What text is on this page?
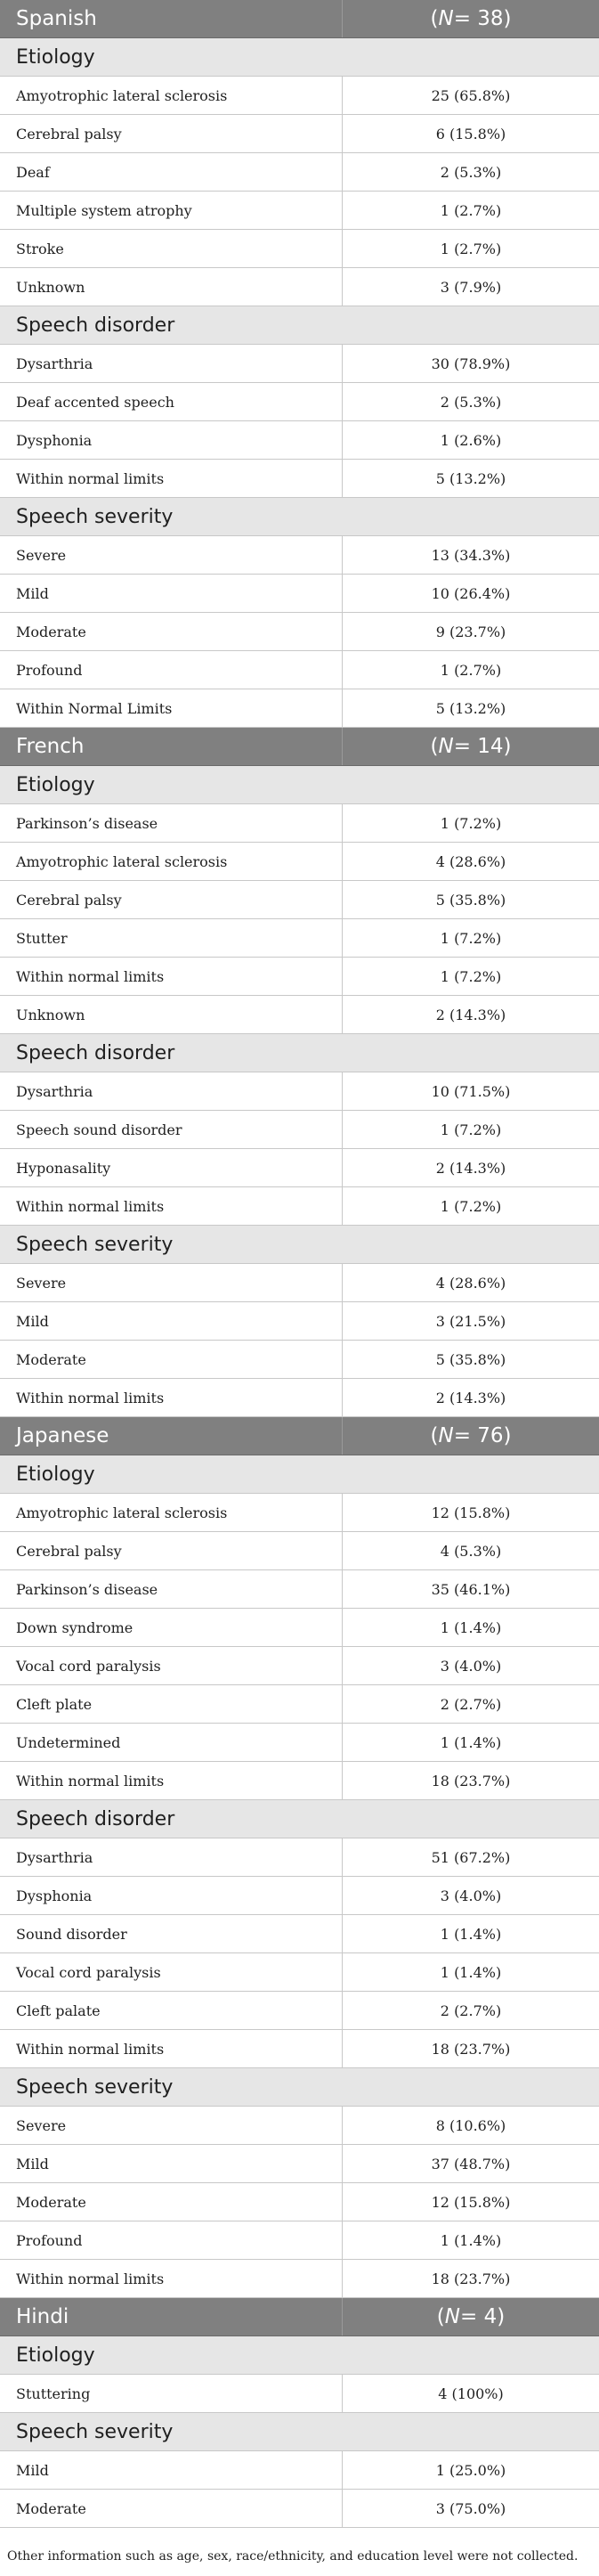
Spanish	( N = 38)
Etiology
Amyotrophic lateral sclerosis	25 (65.8%)
Cerebral palsy	6 (15.8%)
Deaf	2 (5.3%)
Multiple system atrophy	1 (2.7%)
Stroke	1 (2.7%)
Unknown	3 (7.9%)
Speech disorder
Dysarthria	30 (78.9%)
Deaf accented speech	2 (5.3%)
Dysphonia	1 (2.6%)
Within normal limits	5 (13.2%)
Speech severity
Severe	13 (34.3%)
Mild	10 (26.4%)
Moderate	9 (23.7%)
Profound	1 (2.7%)
Within Normal Limits	5 (13.2%)
French	( N = 14)
Etiology
Parkinson’s disease	1 (7.2%)
Amyotrophic lateral sclerosis	4 (28.6%)
Cerebral palsy	5 (35.8%)
Stutter	1 (7.2%)
Within normal limits	1 (7.2%)
Unknown	2 (14.3%)
Speech disorder
Dysarthria	10 (71.5%)
Speech sound disorder	1 (7.2%)
Hyponasality	2 (14.3%)
Within normal limits	1 (7.2%)
Speech severity
Severe	4 (28.6%)
Mild	3 (21.5%)
Moderate	5 (35.8%)
Within normal limits	2 (14.3%)
Japanese	( N = 76)
Etiology
Amyotrophic lateral sclerosis	12 (15.8%)
Cerebral palsy	4 (5.3%)
Parkinson’s disease	35 (46.1%)
Down syndrome	1 (1.4%)
Vocal cord paralysis	3 (4.0%)
Cleft plate	2 (2.7%)
Undetermined	1 (1.4%)
Within normal limits	18 (23.7%)
Speech disorder
Dysarthria	51 (67.2%)
Dysphonia	3 (4.0%)
Sound disorder	1 (1.4%)
Vocal cord paralysis	1 (1.4%)
Cleft palate	2 (2.7%)
Within normal limits	18 (23.7%)
Speech severity
Severe	8 (10.6%)
Mild	37 (48.7%)
Moderate	12 (15.8%)
Profound	1 (1.4%)
Within normal limits	18 (23.7%)
Hindi	( N = 4)
Etiology
Stuttering	4 (100%)
Speech severity
Mild	1 (25.0%)
Moderate	3 (75.0%)
Other information such as age, sex, race/ethnicity, and education level were not collected.
